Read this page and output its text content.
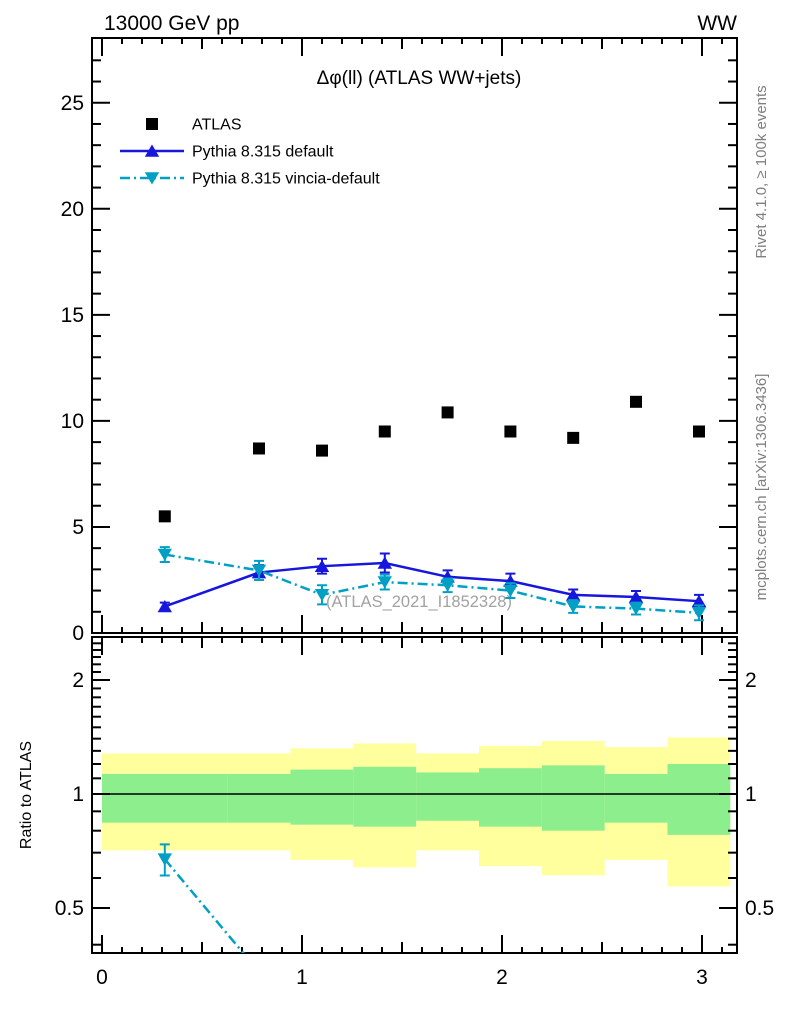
(ATLAS_2021_I1852328)
0
5
10
15
20
25
0	1	2	3
2	2
1	1
0.5	0.5
13000 GeV pp	WW
Δφ(ll) (ATLAS WW+jets)
ATLAS
Pythia 8.315 default
Pythia 8.315 vincia-default	Rivet 4.1.0, ≥ 100k events
mcplots.cern.ch [arXiv:1306.3436]
Ratio to ATLAS
